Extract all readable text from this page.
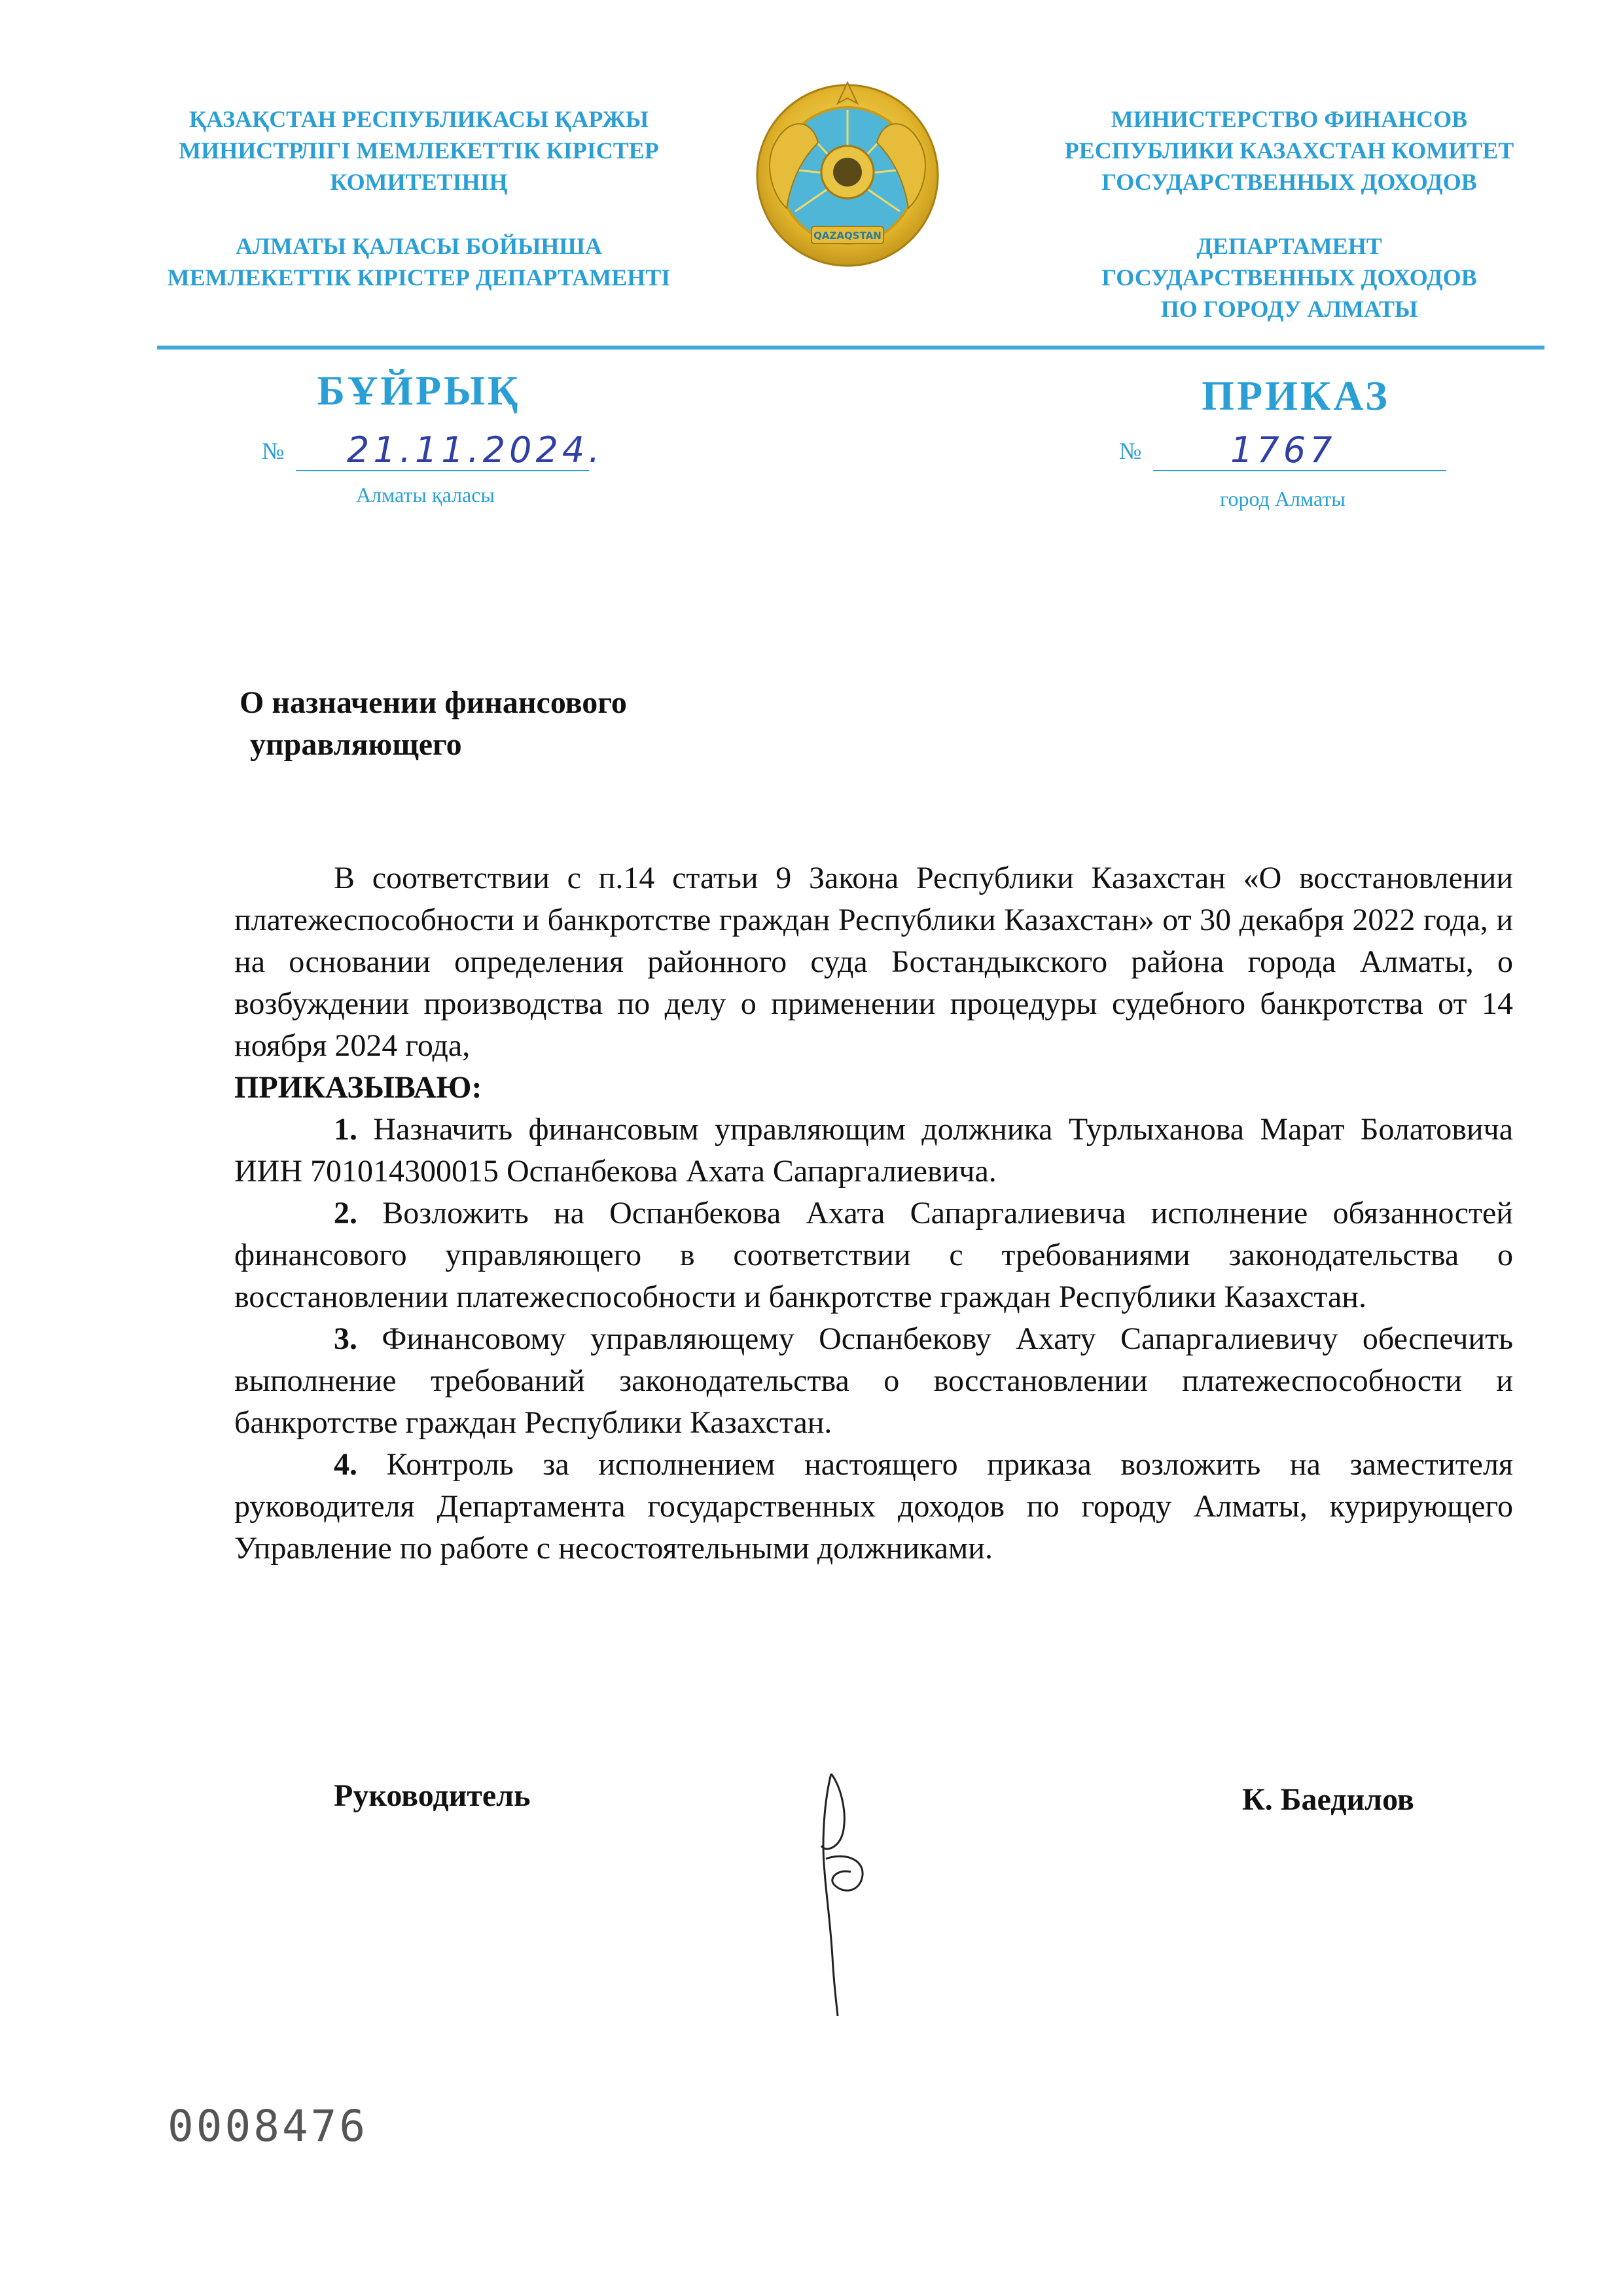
ҚАЗАҚСТАН РЕСПУБЛИКАСЫ ҚАРЖЫ
МИНИСТРЛІГІ МЕМЛЕКЕТТІК КІРІСТЕР
КОМИТЕТІНІҢ
АЛМАТЫ ҚАЛАСЫ БОЙЫНША
МЕМЛЕКЕТТІК КІРІСТЕР ДЕПАРТАМЕНТІ
QAZAQSTAN
МИНИСТЕРСТВО ФИНАНСОВ
РЕСПУБЛИКИ КАЗАХСТАН КОМИТЕТ
ГОСУДАРСТВЕННЫХ ДОХОДОВ
ДЕПАРТАМЕНТ
ГОСУДАРСТВЕННЫХ ДОХОДОВ
ПО ГОРОДУ АЛМАТЫ
БҰЙРЫҚ	ПРИКАЗ
№ 21.11.2024.	№	1767
Алматы қаласы	город Алматы
О назначении финансового
управляющего

В соответствии с п.14 статьи 9 Закона Республики Казахстан «О восстановлении платежеспособности и банкротстве граждан Республики Казахстан» от 30 декабря 2022 года, и на основании определения районного суда Бостандыкского района города Алматы, о возбуждении производства по делу о применении процедуры судебного банкротства от 14 ноября 2024 года,

ПРИКАЗЫВАЮ:

1. Назначить финансовым управляющим должника Турлыханова Марат Болатовича ИИН 701014300015 Оспанбекова Ахата Сапаргалиевича.

2. Возложить на Оспанбекова Ахата Сапаргалиевича исполнение обязанностей финансового управляющего в соответствии с требованиями законодательства о восстановлении платежеспособности и банкротстве граждан Республики Казахстан.

3. Финансовому управляющему Оспанбекову Ахату Сапаргалиевичу обеспечить выполнение требований законодательства о восстановлении платежеспособности и банкротстве граждан Республики Казахстан.

4. Контроль за исполнением настоящего приказа возложить на заместителя руководителя Департамента государственных доходов по городу Алматы, курирующего Управление по работе с несостоятельными должниками.

Руководитель	К. Баедилов
0008476
